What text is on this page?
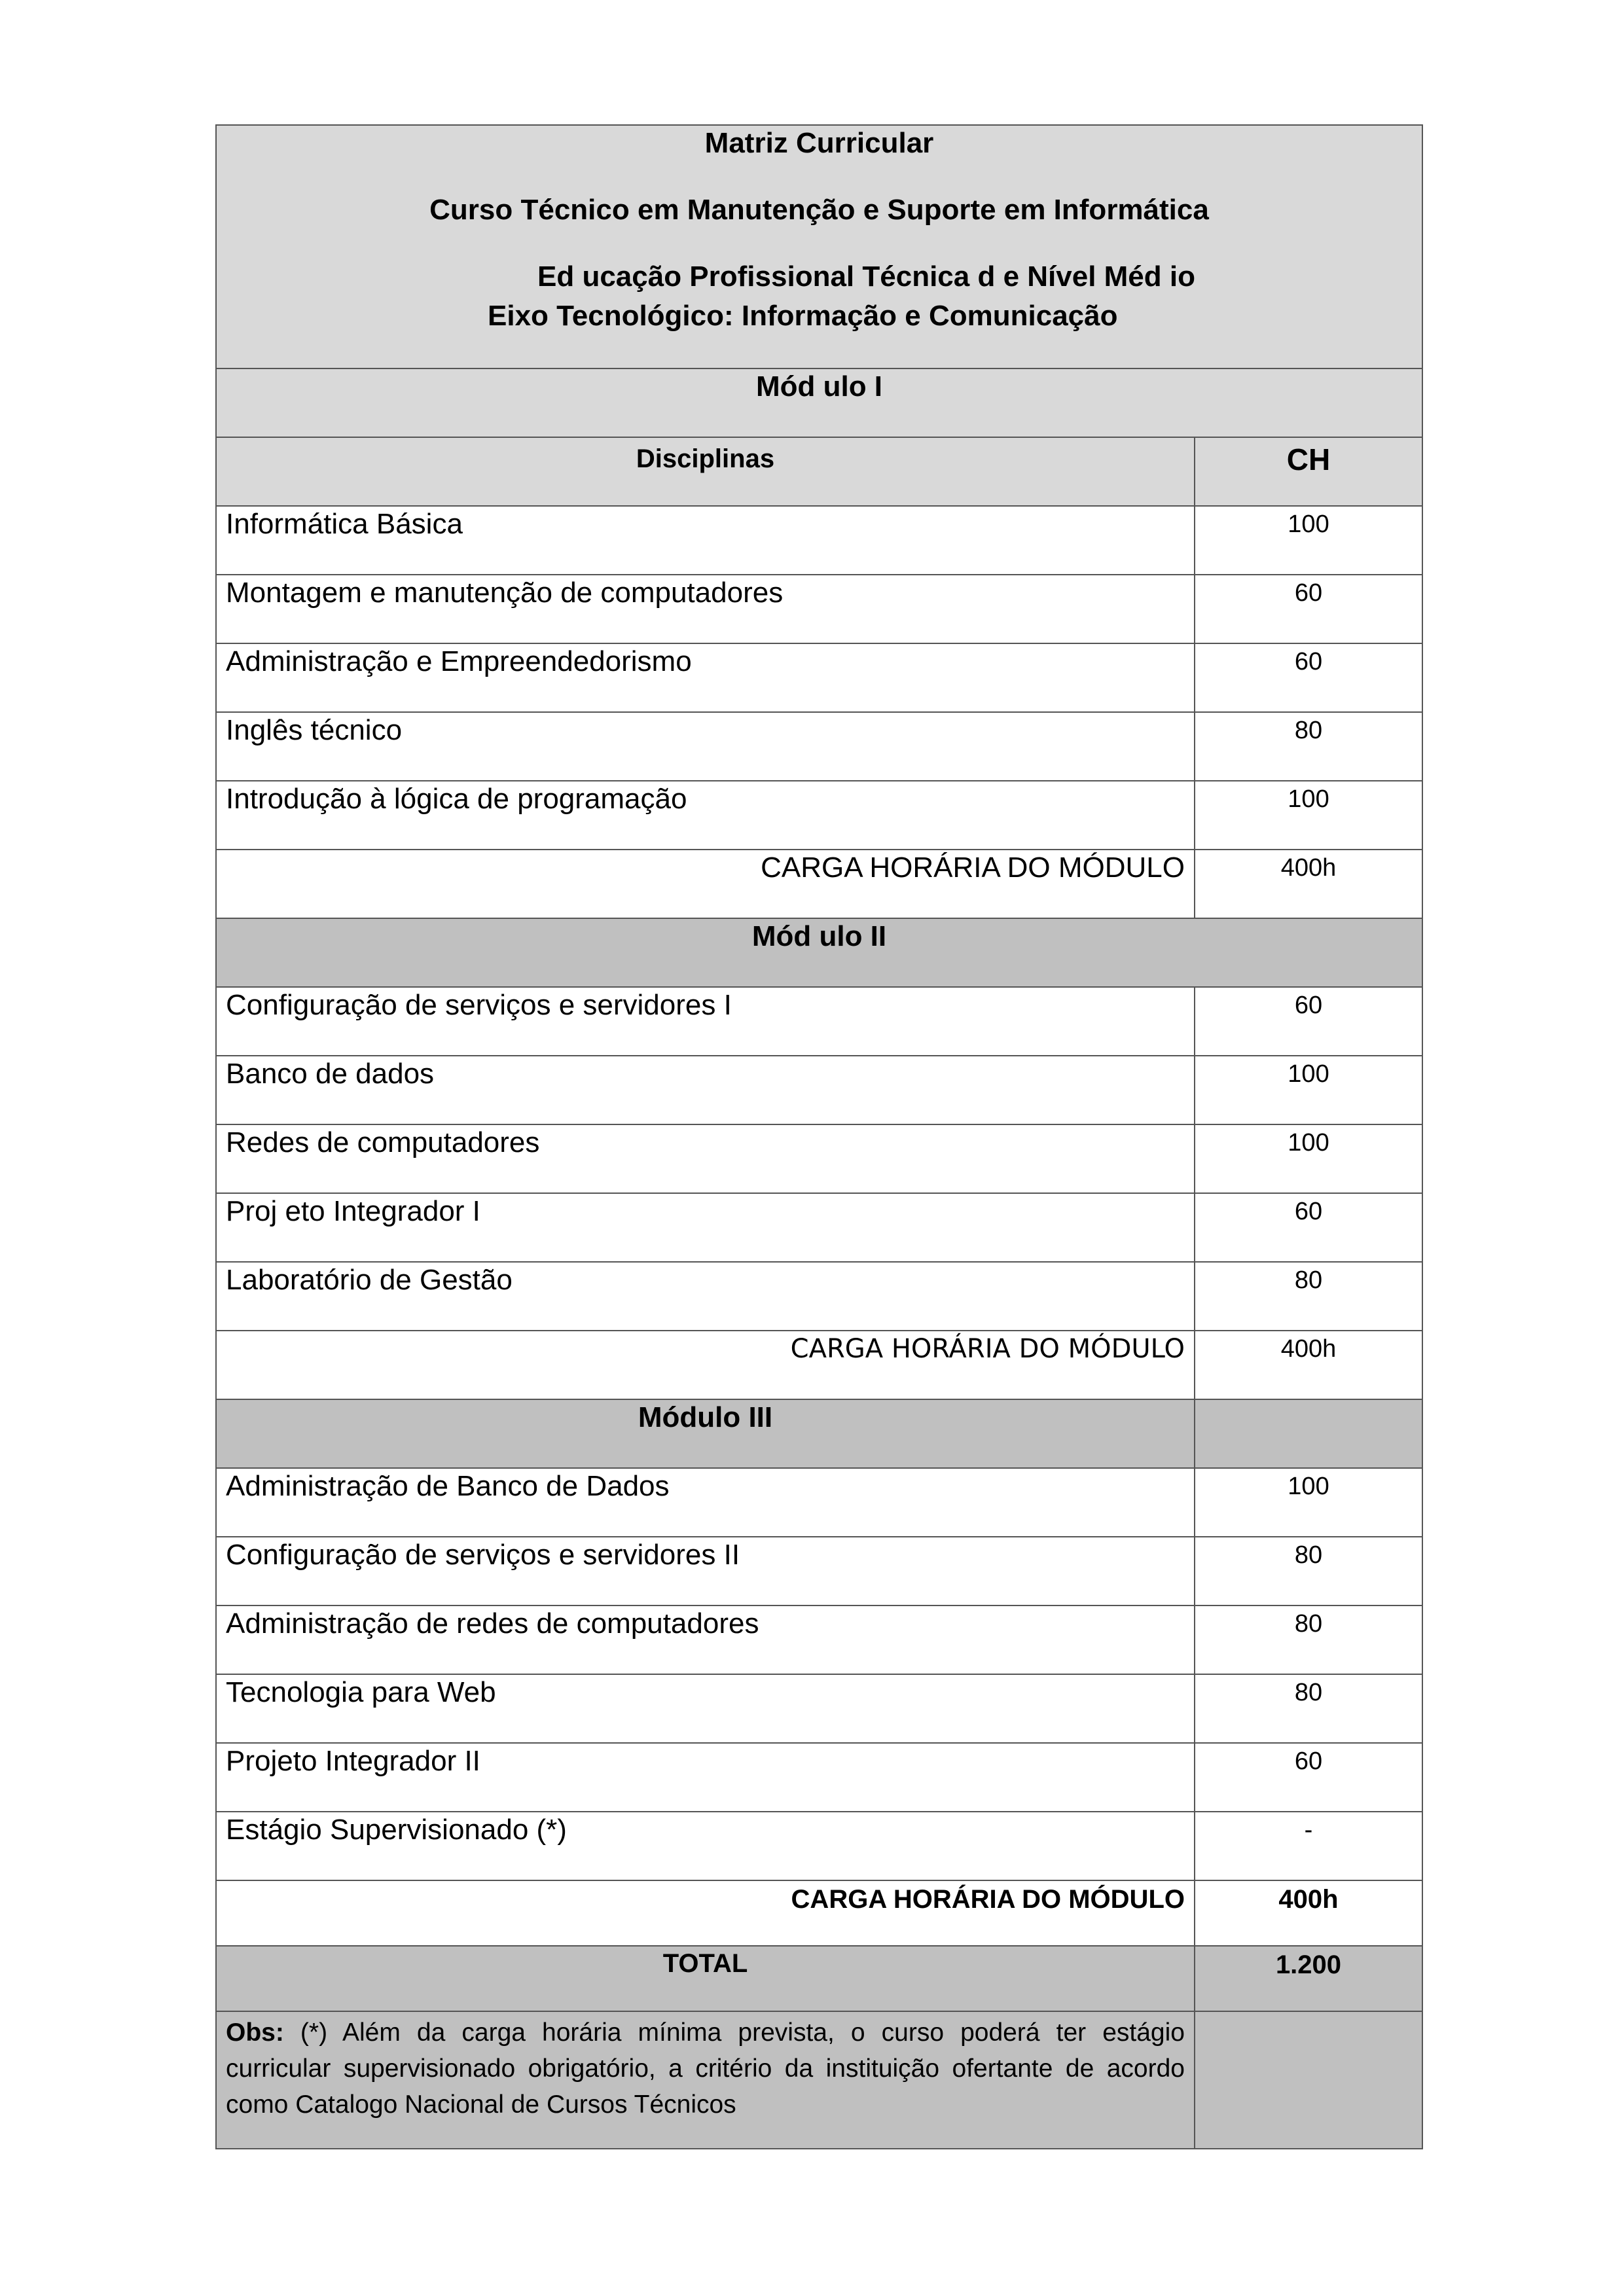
Matriz Curricular
Curso Técnico em Manutenção e Suporte em Informática
Ed ucação Profissional Técnica d e Nível Méd io
Eixo Tecnológico: Informação e Comunicação
Mód ulo I
Disciplinas	CH
Informática Básica	100
Montagem e manutenção de computadores	60
Administração e Empreendedorismo	60
Inglês técnico	80
Introdução à lógica de programação	100
CARGA HORÁRIA DO MÓDULO	400h
Mód ulo II
Configuração de serviços e servidores I	60
Banco de dados	100
Redes de computadores	100
Proj eto Integrador I	60
Laboratório de Gestão	80
CARGA HORÁRIA DO MÓDULO	400h
Módulo III
Administração de Banco de Dados	100
Configuração de serviços e servidores II	80
Administração de redes de computadores	80
Tecnologia para Web	80
Projeto Integrador II	60
Estágio Supervisionado (*)	-
CARGA HORÁRIA DO MÓDULO	400h
TOTAL	1.200
Obs: (*) Além da carga horária mínima prevista, o curso poderá ter estágio curricular supervisionado obrigatório, a critério da instituição ofertante de acordo como Catalogo Nacional de Cursos Técnicos
